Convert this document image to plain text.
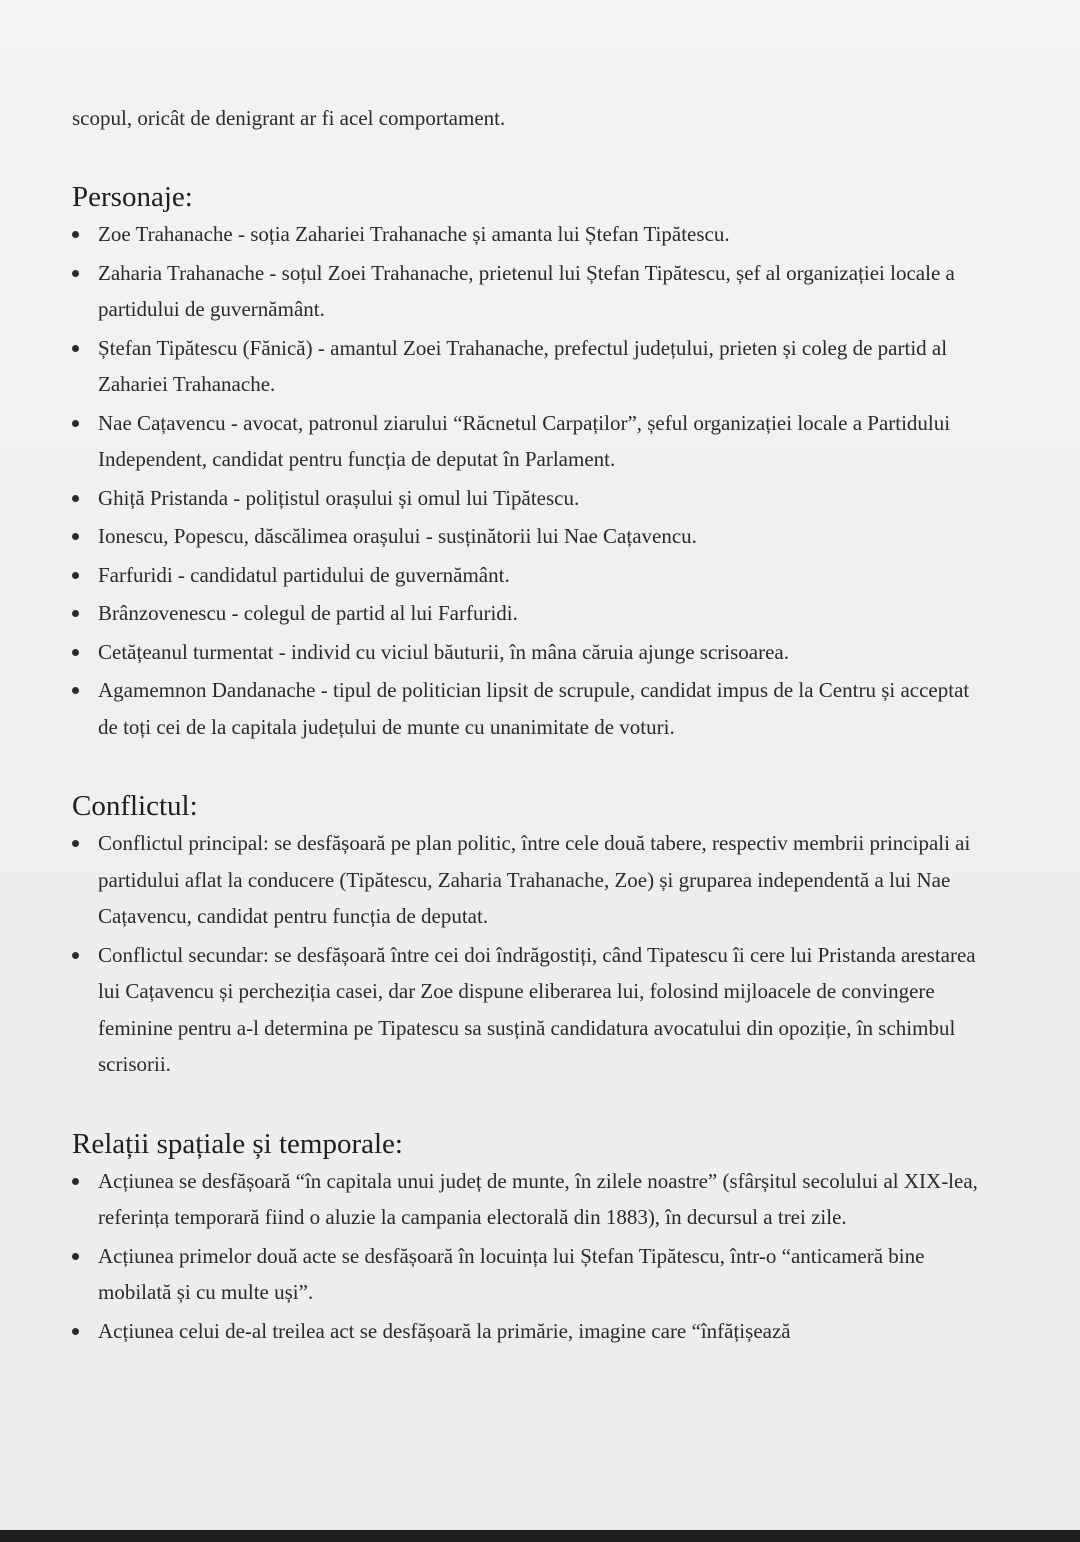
scopul, oricât de denigrant ar fi acel comportament.

Personaje:
Zoe Trahanache - soția Zahariei Trahanache și amanta lui Ștefan Tipătescu.
Zaharia Trahanache - soțul Zoei Trahanache, prietenul lui Ștefan Tipătescu, șef al organizației locale a partidului de guvernământ.
Ștefan Tipătescu (Fănică) - amantul Zoei Trahanache, prefectul județului, prieten și coleg de partid al Zahariei Trahanache.
Nae Cațavencu - avocat, patronul ziarului “Răcnetul Carpaților”, șeful organizației locale a Partidului Independent, candidat pentru funcția de deputat în Parlament.
Ghiță Pristanda - polițistul orașului și omul lui Tipătescu.
Ionescu, Popescu, dăscălimea orașului - susținătorii lui Nae Cațavencu.
Farfuridi - candidatul partidului de guvernământ.
Brânzovenescu - colegul de partid al lui Farfuridi.
Cetățeanul turmentat - individ cu viciul băuturii, în mâna căruia ajunge scrisoarea.
Agamemnon Dandanache - tipul de politician lipsit de scrupule, candidat impus de la Centru și acceptat de toți cei de la capitala județului de munte cu unanimitate de voturi.
Conflictul:
Conflictul principal: se desfășoară pe plan politic, între cele două tabere, respectiv membrii principali ai partidului aflat la conducere (Tipătescu, Zaharia Trahanache, Zoe) și gruparea independentă a lui Nae Cațavencu, candidat pentru funcția de deputat.
Conflictul secundar: se desfășoară între cei doi îndrăgostiți, când Tipatescu îi cere lui Pristanda arestarea lui Cațavencu și percheziția casei, dar Zoe dispune eliberarea lui, folosind mijloacele de convingere feminine pentru a-l determina pe Tipatescu sa susțină candidatura avocatului din opoziție, în schimbul scrisorii.
Relații spațiale și temporale:
Acțiunea se desfășoară “în capitala unui județ de munte, în zilele noastre” (sfârșitul secolului al XIX-lea, referința temporară fiind o aluzie la campania electorală din 1883), în decursul a trei zile.
Acțiunea primelor două acte se desfășoară în locuința lui Ștefan Tipătescu, într-o “anticameră bine mobilată și cu multe uși”.
Acțiunea celui de-al treilea act se desfășoară la primărie, imagine care “înfățișează
